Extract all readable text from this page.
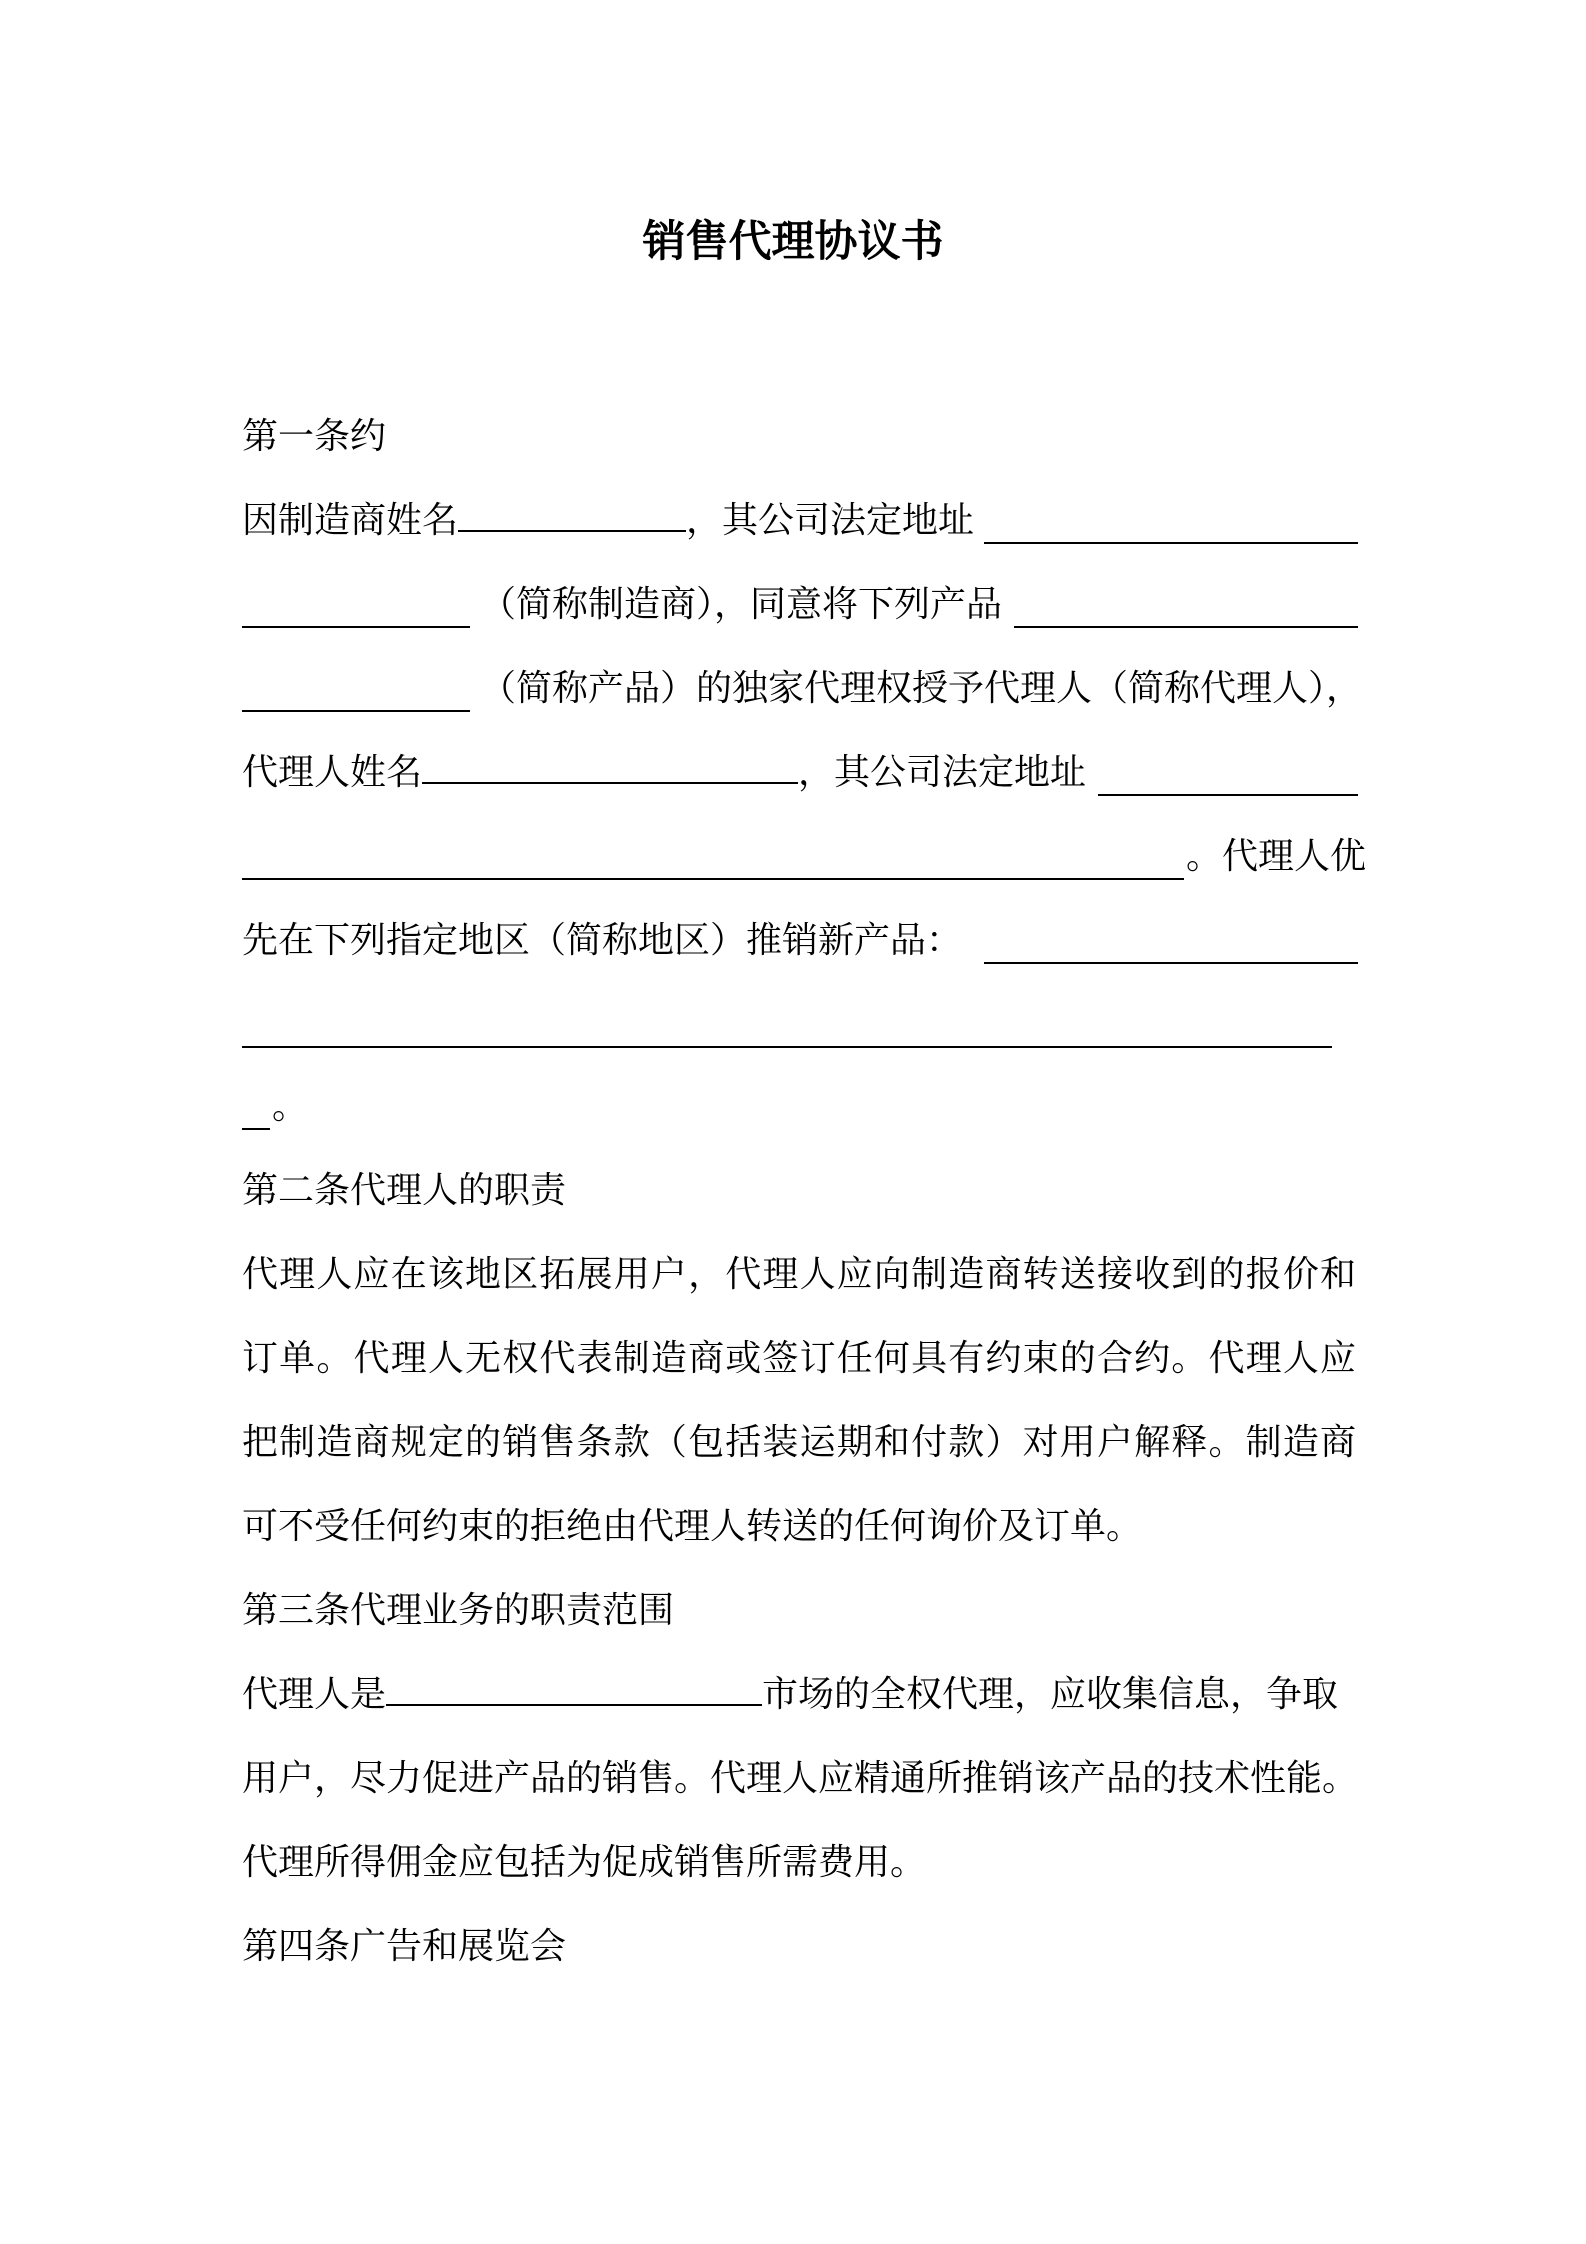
销售代理协议书
第一条约
因制造商姓名	，其公司法定地址
（简称制造商），同意将下列产品
（简称产品）的独家代理权授予代理人（简称代理人），
代理人姓名	，其公司法定地址
。代理人优
先在下列指定地区（简称地区）推销新产品：
。
第二条代理人的职责
代理人应在该地区拓展用户，代理人应向制造商转送接收到的报价和
订单。代理人无权代表制造商或签订任何具有约束的合约。代理人应
把制造商规定的销售条款（包括装运期和付款）对用户解释。制造商
可不受任何约束的拒绝由代理人转送的任何询价及订单。
第三条代理业务的职责范围
代理人是	市场的全权代理，应收集信息，争取
用户，尽力促进产品的销售。代理人应精通所推销该产品的技术性能。
代理所得佣金应包括为促成销售所需费用。
第四条广告和展览会
